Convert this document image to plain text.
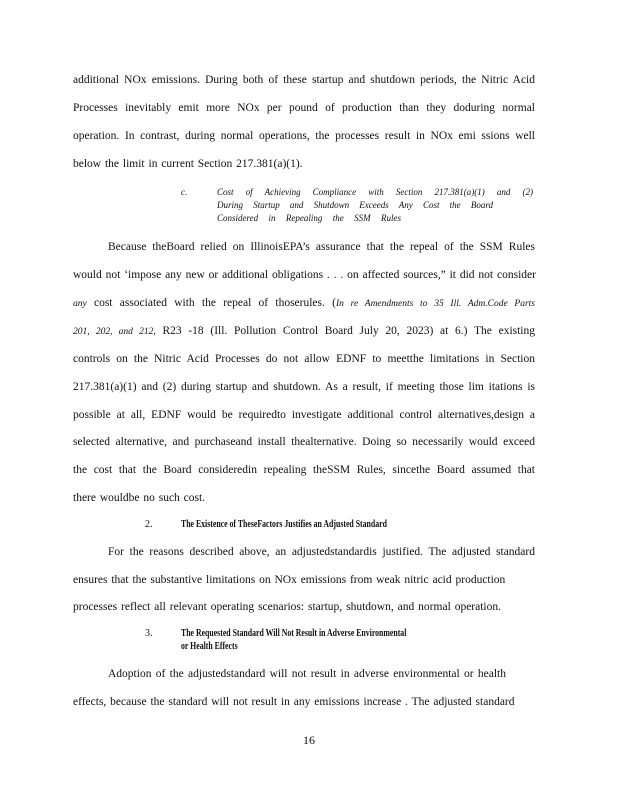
additional NOx emissions. During both of these startup and shutdown periods, the Nitric Acid
Processes inevitably emit more NOx per pound of production than they doduring normal
operation. In contrast, during normal operations, the processes result in NOx emi ssions well
below the limit in current Section 217.381(a)(1).
c.	Cost of Achieving Compliance with Section 217.381(a)(1) and (2)
During Startup and Shutdown Exceeds Any Cost the Board
Considered in Repealing the SSM Rules
Because theBoard relied on IllinoisEPA’s assurance that the repeal of the SSM Rules
would not ‘impose any new or additional obligations . . . on affected sources,” it did not consider
any cost associated with the repeal of thoserules. (In re Amendments to 35 Ill. Adm.Code Parts
201, 202, and 212, R23 -18 (Ill. Pollution Control Board July 20, 2023) at 6.) The existing
controls on the Nitric Acid Processes do not allow EDNF to meetthe limitations in Section
217.381(a)(1) and (2) during startup and shutdown. As a result, if meeting those lim itations is
possible at all, EDNF would be requiredto investigate additional control alternatives,design a
selected alternative, and purchaseand install thealternative. Doing so necessarily would exceed
the cost that the Board consideredin repealing theSSM Rules, sincethe Board assumed that
there wouldbe no such cost.
2.	The Existence of TheseFactors Justifies an Adjusted Standard
For the reasons described above, an adjustedstandardis justified. The adjusted standard
ensures that the substantive limitations on NOx emissions from weak nitric acid production
processes reflect all relevant operating scenarios: startup, shutdown, and normal operation.
3.	The Requested Standard Will Not Result in Adverse Environmental
or Health Effects
Adoption of the adjustedstandard will not result in adverse environmental or health
effects, because the standard will not result in any emissions increase . The adjusted standard
16
